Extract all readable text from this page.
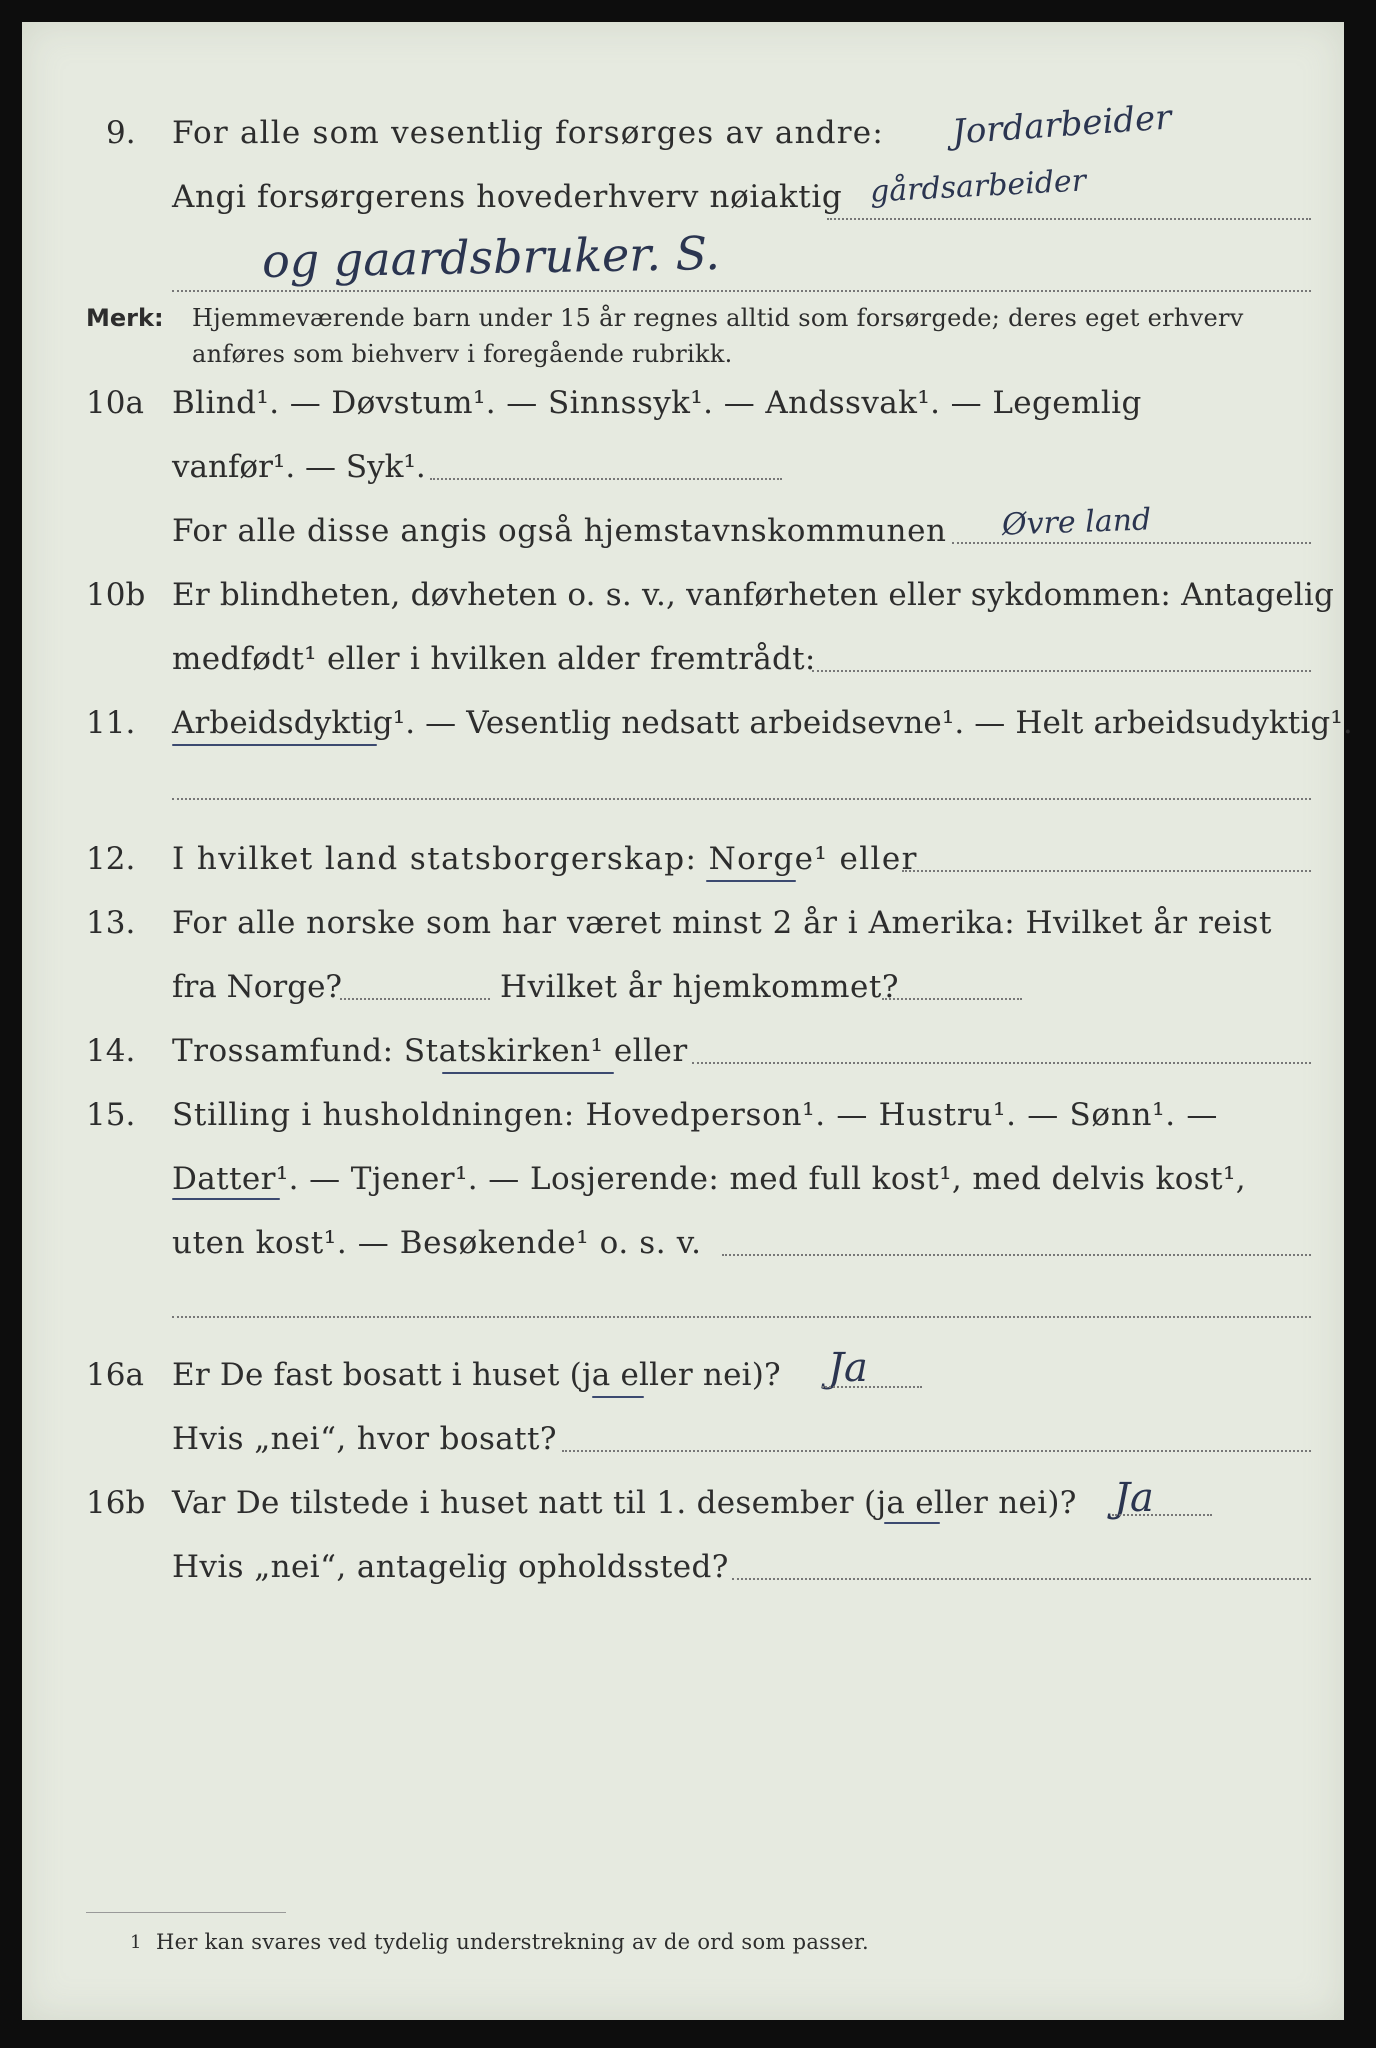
9. For alle som vesentlig forsørges av andre: Jordarbeider
Angi forsørgerens hovederhverv nøiaktig gårdsarbeider
og gaardsbruker. S.
Merk: Hjemmeværende barn under 15 år regnes alltid som forsørgede; deres eget erhverv
anføres som biehverv i foregående rubrikk.
10a Blind¹. — Døvstum¹. — Sinnssyk¹. — Andssvak¹. — Legemlig
vanfør¹. — Syk¹.
For alle disse angis også hjemstavnskommunen Øvre land
10b Er blindheten, døvheten o. s. v., vanførheten eller sykdommen: Antagelig
medfødt¹ eller i hvilken alder fremtrådt:
11. Arbeidsdyktig¹. — Vesentlig nedsatt arbeidsevne¹. — Helt arbeidsudyktig¹.
12. I hvilket land statsborgerskap: Norge¹ eller
13. For alle norske som har været minst 2 år i Amerika: Hvilket år reist
fra Norge?	Hvilket år hjemkommet?
14. Trossamfund: Statskirken¹ eller
15. Stilling i husholdningen: Hovedperson¹. — Hustru¹. — Sønn¹. —
Datter¹. — Tjener¹. — Losjerende: med full kost¹, med delvis kost¹,
uten kost¹. — Besøkende¹ o. s. v.
16a Er De fast bosatt i huset (ja eller nei)? Ja
Hvis „nei“, hvor bosatt?
16b Var De tilstede i huset natt til 1. desember (ja eller nei)? Ja
Hvis „nei“, antagelig opholdssted?
1 Her kan svares ved tydelig understrekning av de ord som passer.
